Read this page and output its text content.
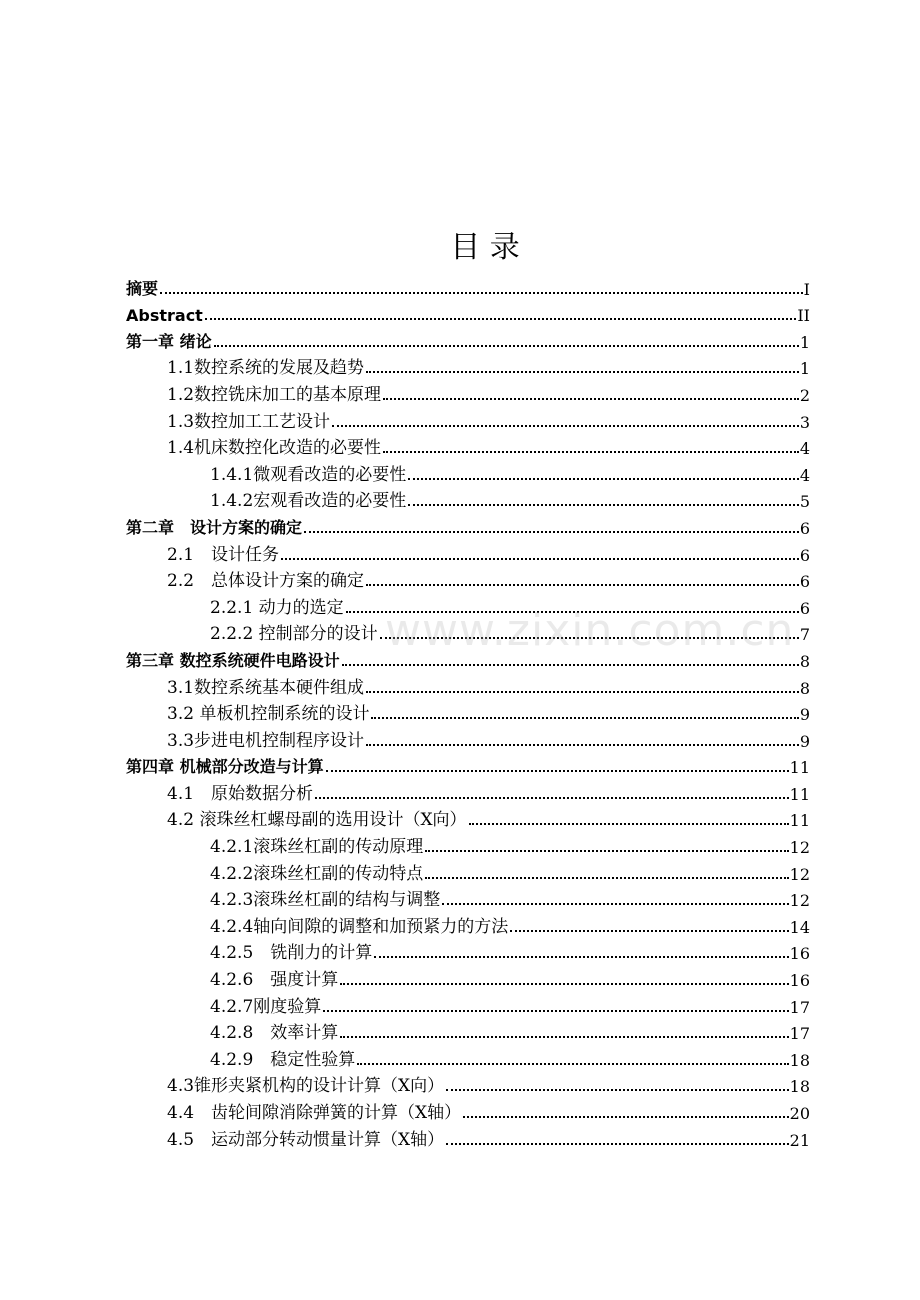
目 录
摘要	I
Abstract	II
第一章 绪论	1
1.1数控系统的发展及趋势	1
1.2数控铣床加工的基本原理	2
1.3数控加工工艺设计	3
1.4机床数控化改造的必要性	4
1.4.1微观看改造的必要性	4
1.4.2宏观看改造的必要性	5
第二章　设计方案的确定	6
2.1　设计任务	6
2.2　总体设计方案的确定	6
2.2.1 动力的选定	6
2.2.2 控制部分的设计	7
第三章 数控系统硬件电路设计	8
3.1数控系统基本硬件组成	8
3.2 单板机控制系统的设计	9
3.3步进电机控制程序设计	9
第四章 机械部分改造与计算	11
4.1　原始数据分析	11
4.2 滚珠丝杠螺母副的选用设计（X向）	11
4.2.1滚珠丝杠副的传动原理	12
4.2.2滚珠丝杠副的传动特点	12
4.2.3滚珠丝杠副的结构与调整	12
4.2.4轴向间隙的调整和加预紧力的方法	14
4.2.5　铣削力的计算	16
4.2.6　强度计算	16
4.2.7刚度验算	17
4.2.8　效率计算	17
4.2.9　稳定性验算	18
4.3锥形夹紧机构的设计计算（X向）	18
4.4　齿轮间隙消除弹簧的计算（X轴）	20
4.5　运动部分转动惯量计算（X轴）	21
www.zixin.com.cn
